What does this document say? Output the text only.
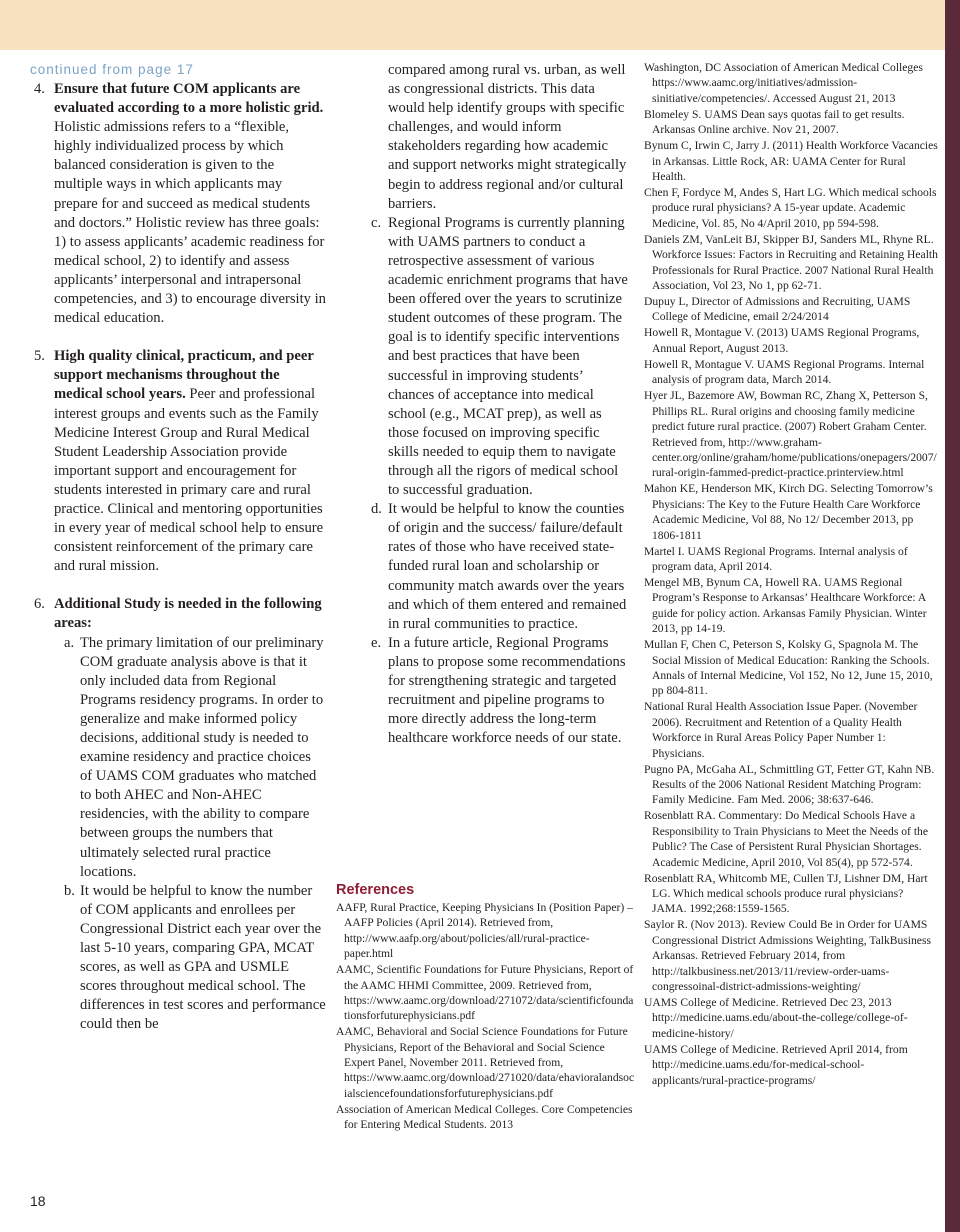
continued from page 17
4. Ensure that future COM applicants are evaluated according to a more holistic grid. Holistic admissions refers to a “flexible, highly individualized process by which balanced consideration is given to the multiple ways in which applicants may prepare for and succeed as medical students and doctors.” Holistic review has three goals: 1) to assess applicants’ academic readiness for medical school, 2) to identify and assess applicants’ interpersonal and intrapersonal competencies, and 3) to encourage diversity in medical education.
5. High quality clinical, practicum, and peer support mechanisms throughout the medical school years. Peer and professional interest groups and events such as the Family Medicine Interest Group and Rural Medical Student Leadership Association provide important support and encouragement for students interested in primary care and rural practice. Clinical and mentoring opportunities in every year of medical school help to ensure consistent reinforcement of the primary care and rural mission.
6. Additional Study is needed in the following areas:
a. The primary limitation of our preliminary COM graduate analysis above is that it only included data from Regional Programs residency programs. In order to generalize and make informed policy decisions, additional study is needed to examine residency and practice choices of UAMS COM graduates who matched to both AHEC and Non-AHEC residencies, with the ability to compare between groups the numbers that ultimately selected rural practice locations.
b. It would be helpful to know the number of COM applicants and enrollees per Congressional District each year over the last 5-10 years, comparing GPA, MCAT scores, as well as GPA and USMLE scores throughout medical school. The differences in test scores and performance could then be
compared among rural vs. urban, as well as congressional districts. This data would help identify groups with specific challenges, and would inform stakeholders regarding how academic and support networks might strategically begin to address regional and/or cultural barriers.
c. Regional Programs is currently planning with UAMS partners to conduct a retrospective assessment of various academic enrichment programs that have been offered over the years to scrutinize student outcomes of these program. The goal is to identify specific interventions and best practices that have been successful in improving students’ chances of acceptance into medical school (e.g., MCAT prep), as well as those focused on improving specific skills needed to equip them to navigate through all the rigors of medical school to successful graduation.
d. It would be helpful to know the counties of origin and the success/ failure/default rates of those who have received state-funded rural loan and scholarship or community match awards over the years and which of them entered and remained in rural communities to practice.
e. In a future article, Regional Programs plans to propose some recommendations for strengthening strategic and targeted recruitment and pipeline programs to more directly address the long-term healthcare workforce needs of our state.
References
AAFP, Rural Practice, Keeping Physicians In (Position Paper) – AAFP Policies (April 2014). Retrieved from, http://www.aafp.org/about/policies/all/rural-practice-paper.html
AAMC, Scientific Foundations for Future Physicians, Report of the AAMC HHMI Committee, 2009. Retrieved from, https://www.aamc.org/download/271072/data/scientificfoundationsforfuturephysicians.pdf
AAMC, Behavioral and Social Science Foundations for Future Physicians, Report of the Behavioral and Social Science Expert Panel, November 2011. Retrieved from, https://www.aamc.org/download/271020/data/ehavioralandsocialsciencefoundationsforfuturephysicians.pdf
Association of American Medical Colleges. Core Competencies for Entering Medical Students. 2013
Washington, DC Association of American Medical Colleges https://www.aamc.org/initiatives/admission-sinitiative/competencies/. Accessed August 21, 2013
Blomeley S. UAMS Dean says quotas fail to get results. Arkansas Online archive. Nov 21, 2007.
Bynum C, Irwin C, Jarry J. (2011) Health Workforce Vacancies in Arkansas. Little Rock, AR: UAMA Center for Rural Health.
Chen F, Fordyce M, Andes S, Hart LG. Which medical schools produce rural physicians? A 15-year update. Academic Medicine, Vol. 85, No 4/April 2010, pp 594-598.
Daniels ZM, VanLeit BJ, Skipper BJ, Sanders ML, Rhyne RL. Workforce Issues: Factors in Recruiting and Retaining Health Professionals for Rural Practice. 2007 National Rural Health Association, Vol 23, No 1, pp 62-71.
Dupuy L, Director of Admissions and Recruiting, UAMS College of Medicine, email 2/24/2014
Howell R, Montague V. (2013) UAMS Regional Programs, Annual Report, August 2013.
Howell R, Montague V. UAMS Regional Programs. Internal analysis of program data, March 2014.
Hyer JL, Bazemore AW, Bowman RC, Zhang X, Petterson S, Phillips RL. Rural origins and choosing family medicine predict future rural practice. (2007) Robert Graham Center. Retrieved from, http://www.graham-center.org/online/graham/home/publications/onepagers/2007/rural-origin-fammed-predict-practice.printerview.html
Mahon KE, Henderson MK, Kirch DG. Selecting Tomorrow’s Physicians: The Key to the Future Health Care Workforce Academic Medicine, Vol 88, No 12/ December 2013, pp 1806-1811
Martel I. UAMS Regional Programs. Internal analysis of program data, April 2014.
Mengel MB, Bynum CA, Howell RA. UAMS Regional Program’s Response to Arkansas’ Healthcare Workforce: A guide for policy action. Arkansas Family Physician. Winter 2013, pp 14-19.
Mullan F, Chen C, Peterson S, Kolsky G, Spagnola M. The Social Mission of Medical Education: Ranking the Schools. Annals of Internal Medicine, Vol 152, No 12, June 15, 2010, pp 804-811.
National Rural Health Association Issue Paper. (November 2006). Recruitment and Retention of a Quality Health Workforce in Rural Areas Policy Paper Number 1: Physicians.
Pugno PA, McGaha AL, Schmittling GT, Fetter GT, Kahn NB. Results of the 2006 National Resident Matching Program: Family Medicine. Fam Med. 2006; 38:637-646.
Rosenblatt RA. Commentary: Do Medical Schools Have a Responsibility to Train Physicians to Meet the Needs of the Public? The Case of Persistent Rural Physician Shortages. Academic Medicine, April 2010, Vol 85(4), pp 572-574.
Rosenblatt RA, Whitcomb ME, Cullen TJ, Lishner DM, Hart LG. Which medical schools produce rural physicians? JAMA. 1992;268:1559-1565.
Saylor R. (Nov 2013). Review Could Be in Order for UAMS Congressional District Admissions Weighting, TalkBusiness Arkansas. Retrieved February 2014, from http://talkbusiness.net/2013/11/review-order-uams-congressoinal-district-admissions-weighting/
UAMS College of Medicine. Retrieved Dec 23, 2013 http://medicine.uams.edu/about-the-college/college-of-medicine-history/
UAMS College of Medicine. Retrieved April 2014, from http://medicine.uams.edu/for-medical-school-applicants/rural-practice-programs/
18
